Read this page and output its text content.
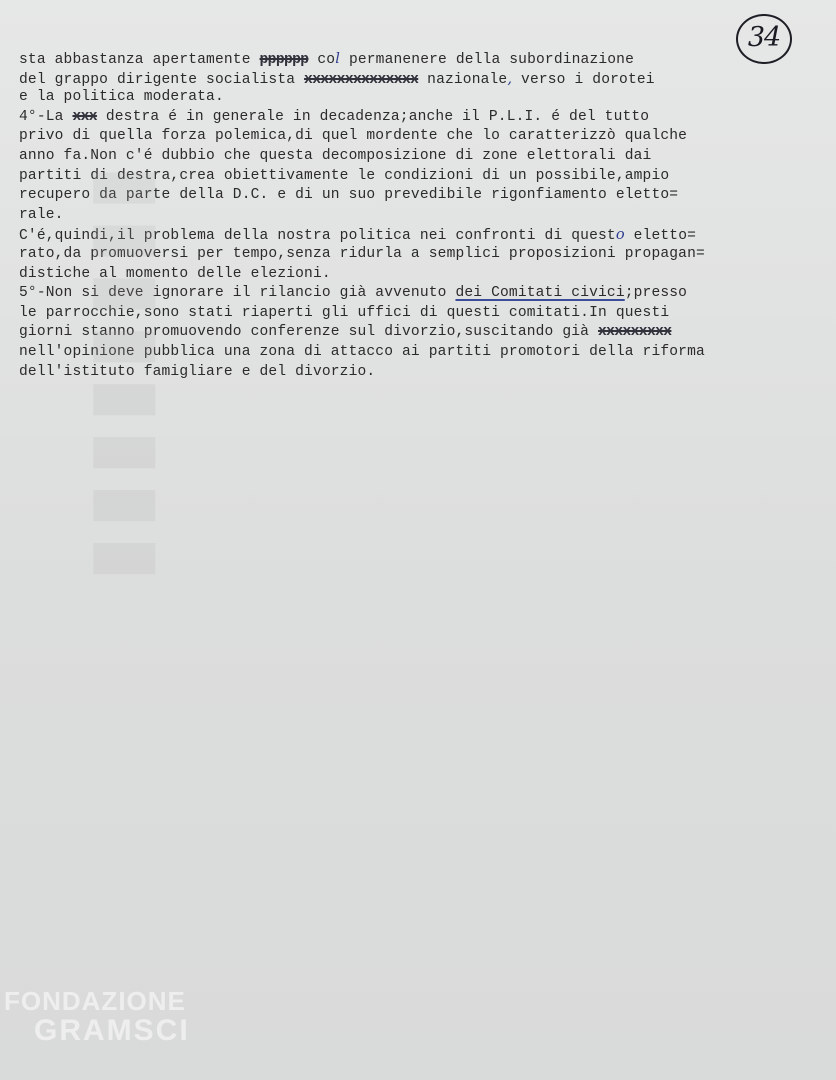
34
sta abbastanza apertamente pppppp col permanenere della subordinazione
del grappo dirigente socialista xxxxxxxxxxxxxx nazionale, verso i dorotei
e la politica moderata.
4°-La xxx destra é in generale in decadenza;anche il P.L.I. é del tutto
privo di quella forza polemica,di quel mordente che lo caratterizzò qualche
anno fa.Non c'é dubbio che questa decomposizione di zone elettorali dai
partiti di destra,crea obiettivamente le condizioni di un possibile,ampio
recupero da parte della D.C. e di un suo prevedibile rigonfiamento eletto=
rale.
C'é,quindi,il problema della nostra politica nei confronti di questo eletto=
rato,da promuoversi per tempo,senza ridurla a semplici proposizioni propagan=
distiche al momento delle elezioni.
5°-Non si deve ignorare il rilancio già avvenuto dei Comitati civici;presso
le parrocchie,sono stati riaperti gli uffici di questi comitati.In questi
giorni stanno promuovendo conferenze sul divorzio,suscitando già xxxxxxxxx
nell'opinione pubblica una zona di attacco ai partiti promotori della riforma
dell'istituto famigliare e del divorzio.
▮▮▮▮▮▮▮▮
FONDAZIONE
GRAMSCI
